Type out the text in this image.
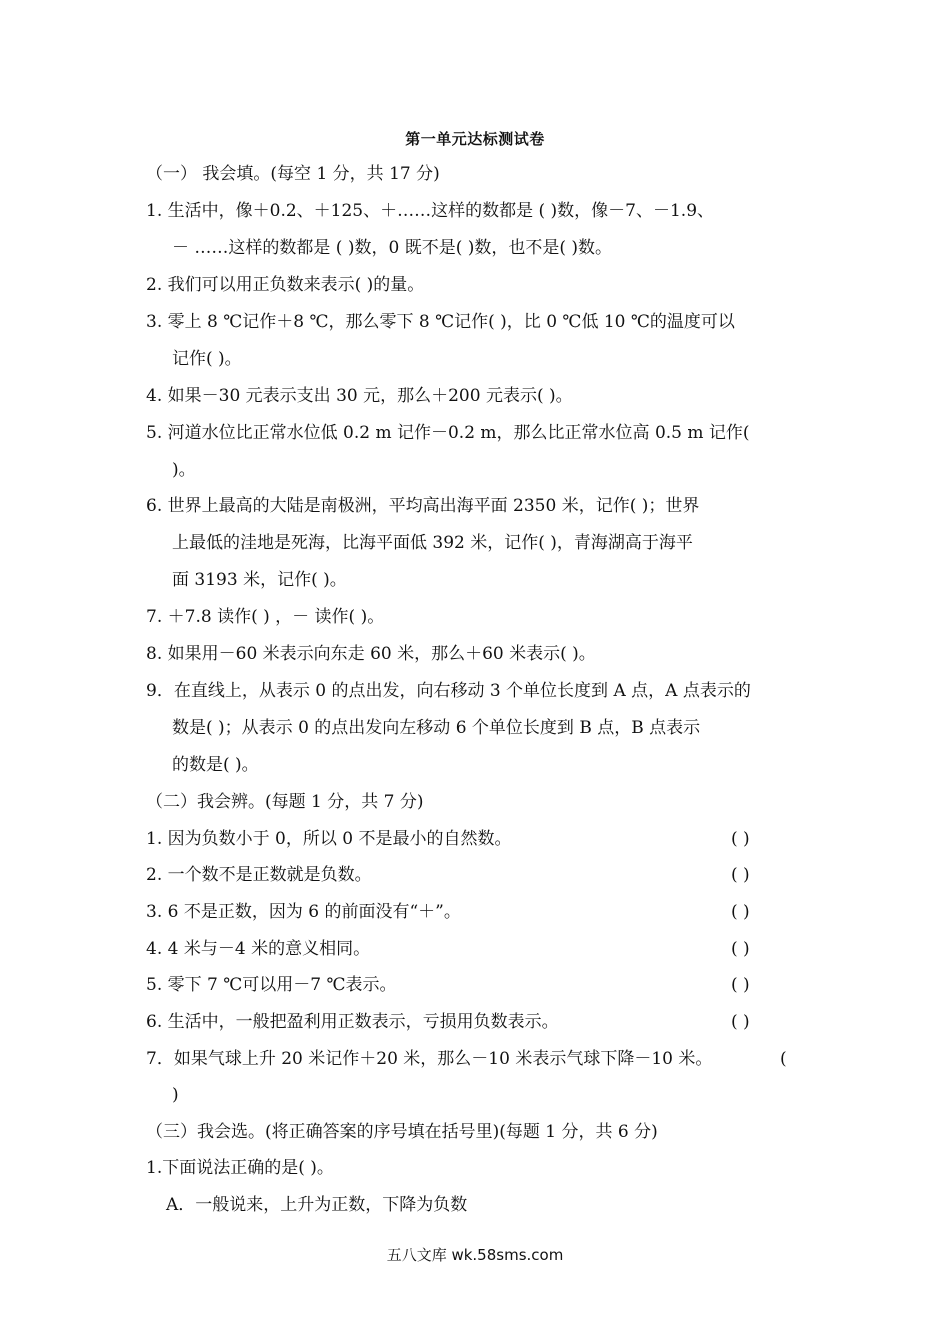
第一单元达标测试卷
（一） 我会填。(每空 1 分，共 17 分)
1. 生活中，像＋0.2、＋125、＋……这样的数都是 ( )数，像－7、－1.9、
－ ……这样的数都是 ( )数，0 既不是( )数，也不是( )数。
2. 我们可以用正负数来表示( )的量。
3. 零上 8 ℃记作＋8 ℃，那么零下 8 ℃记作( )，比 0 ℃低 10 ℃的温度可以
记作( )。
4. 如果－30 元表示支出 30 元，那么＋200 元表示( )。
5. 河道水位比正常水位低 0.2 m 记作－0.2 m，那么比正常水位高 0.5 m 记作(
)。
6. 世界上最高的大陆是南极洲，平均高出海平面 2350 米，记作( )；世界
上最低的洼地是死海，比海平面低 392 米，记作( )，青海湖高于海平
面 3193 米，记作( )。
7. ＋7.8 读作( ) ，－ 读作( )。
8. 如果用－60 米表示向东走 60 米，那么＋60 米表示( )。
9．在直线上，从表示 0 的点出发，向右移动 3 个单位长度到 A 点，A 点表示的
数是( )；从表示 0 的点出发向左移动 6 个单位长度到 B 点，B 点表示
的数是( )。
（二）我会辨。(每题 1 分，共 7 分)
1. 因为负数小于 0，所以 0 不是最小的自然数。	( )
2. 一个数不是正数就是负数。	( )
3. 6 不是正数，因为 6 的前面没有“＋”。	( )
4. 4 米与－4 米的意义相同。	( )
5. 零下 7 ℃可以用－7 ℃表示。	( )
6. 生活中，一般把盈利用正数表示，亏损用负数表示。	( )
7．如果气球上升 20 米记作＋20 米，那么－10 米表示气球下降－10 米。	(
)
（三）我会选。(将正确答案的序号填在括号里)(每题 1 分，共 6 分)
1.下面说法正确的是( )。
A．一般说来，上升为正数，下降为负数
五八文库 wk.58sms.com
